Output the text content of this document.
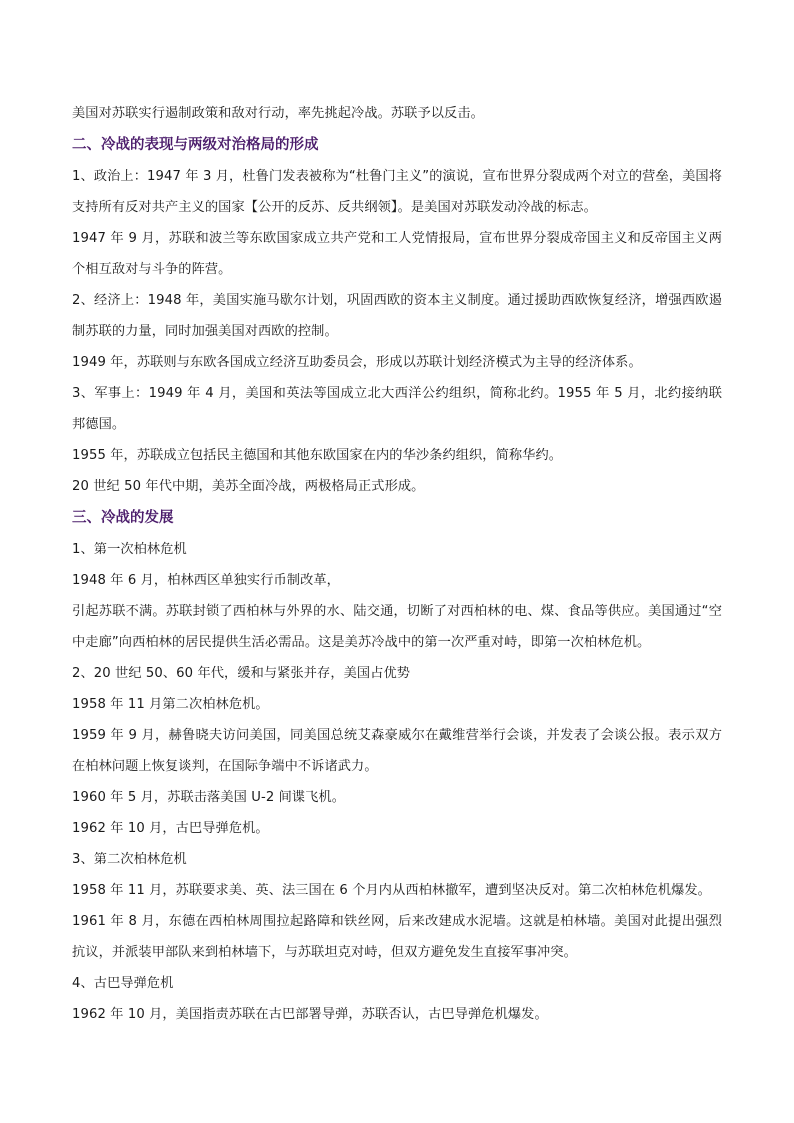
美国对苏联实行遏制政策和敌对行动，率先挑起冷战。苏联予以反击。

二、冷战的表现与两级对治格局的形成

1、政治上：1947 年 3 月，杜鲁门发表被称为“杜鲁门主义”的演说，宣布世界分裂成两个对立的营垒，美国将支持所有反对共产主义的国家【公开的反苏、反共纲领】。是美国对苏联发动冷战的标志。

1947 年 9 月，苏联和波兰等东欧国家成立共产党和工人党情报局，宣布世界分裂成帝国主义和反帝国主义两个相互敌对与斗争的阵营。

2、经济上：1948 年，美国实施马歇尔计划，巩固西欧的资本主义制度。通过援助西欧恢复经济，增强西欧遏制苏联的力量，同时加强美国对西欧的控制。

1949 年，苏联则与东欧各国成立经济互助委员会，形成以苏联计划经济模式为主导的经济体系。

3、军事上：1949 年 4 月，美国和英法等国成立北大西洋公约组织，简称北约。1955 年 5 月，北约接纳联邦德国。

1955 年，苏联成立包括民主德国和其他东欧国家在内的华沙条约组织，简称华约。

20 世纪 50 年代中期，美苏全面冷战，两极格局正式形成。

三、冷战的发展

1、第一次柏林危机

1948 年 6 月，柏林西区单独实行币制改革，

引起苏联不满。苏联封锁了西柏林与外界的水、陆交通，切断了对西柏林的电、煤、食品等供应。美国通过“空中走廊”向西柏林的居民提供生活必需品。这是美苏冷战中的第一次严重对峙，即第一次柏林危机。

2、20 世纪 50、60 年代，缓和与紧张并存，美国占优势

1958 年 11 月第二次柏林危机。

1959 年 9 月，赫鲁晓夫访问美国，同美国总统艾森豪威尔在戴维营举行会谈，并发表了会谈公报。表示双方在柏林问题上恢复谈判，在国际争端中不诉诸武力。

1960 年 5 月，苏联击落美国 U-2 间谍飞机。

1962 年 10 月，古巴导弹危机。

3、第二次柏林危机

1958 年 11 月，苏联要求美、英、法三国在 6 个月内从西柏林撤军，遭到坚决反对。第二次柏林危机爆发。

1961 年 8 月，东德在西柏林周围拉起路障和铁丝网，后来改建成水泥墙。这就是柏林墙。美国对此提出强烈抗议，并派装甲部队来到柏林墙下，与苏联坦克对峙，但双方避免发生直接军事冲突。

4、古巴导弹危机

1962 年 10 月，美国指责苏联在古巴部署导弹，苏联否认，古巴导弹危机爆发。
